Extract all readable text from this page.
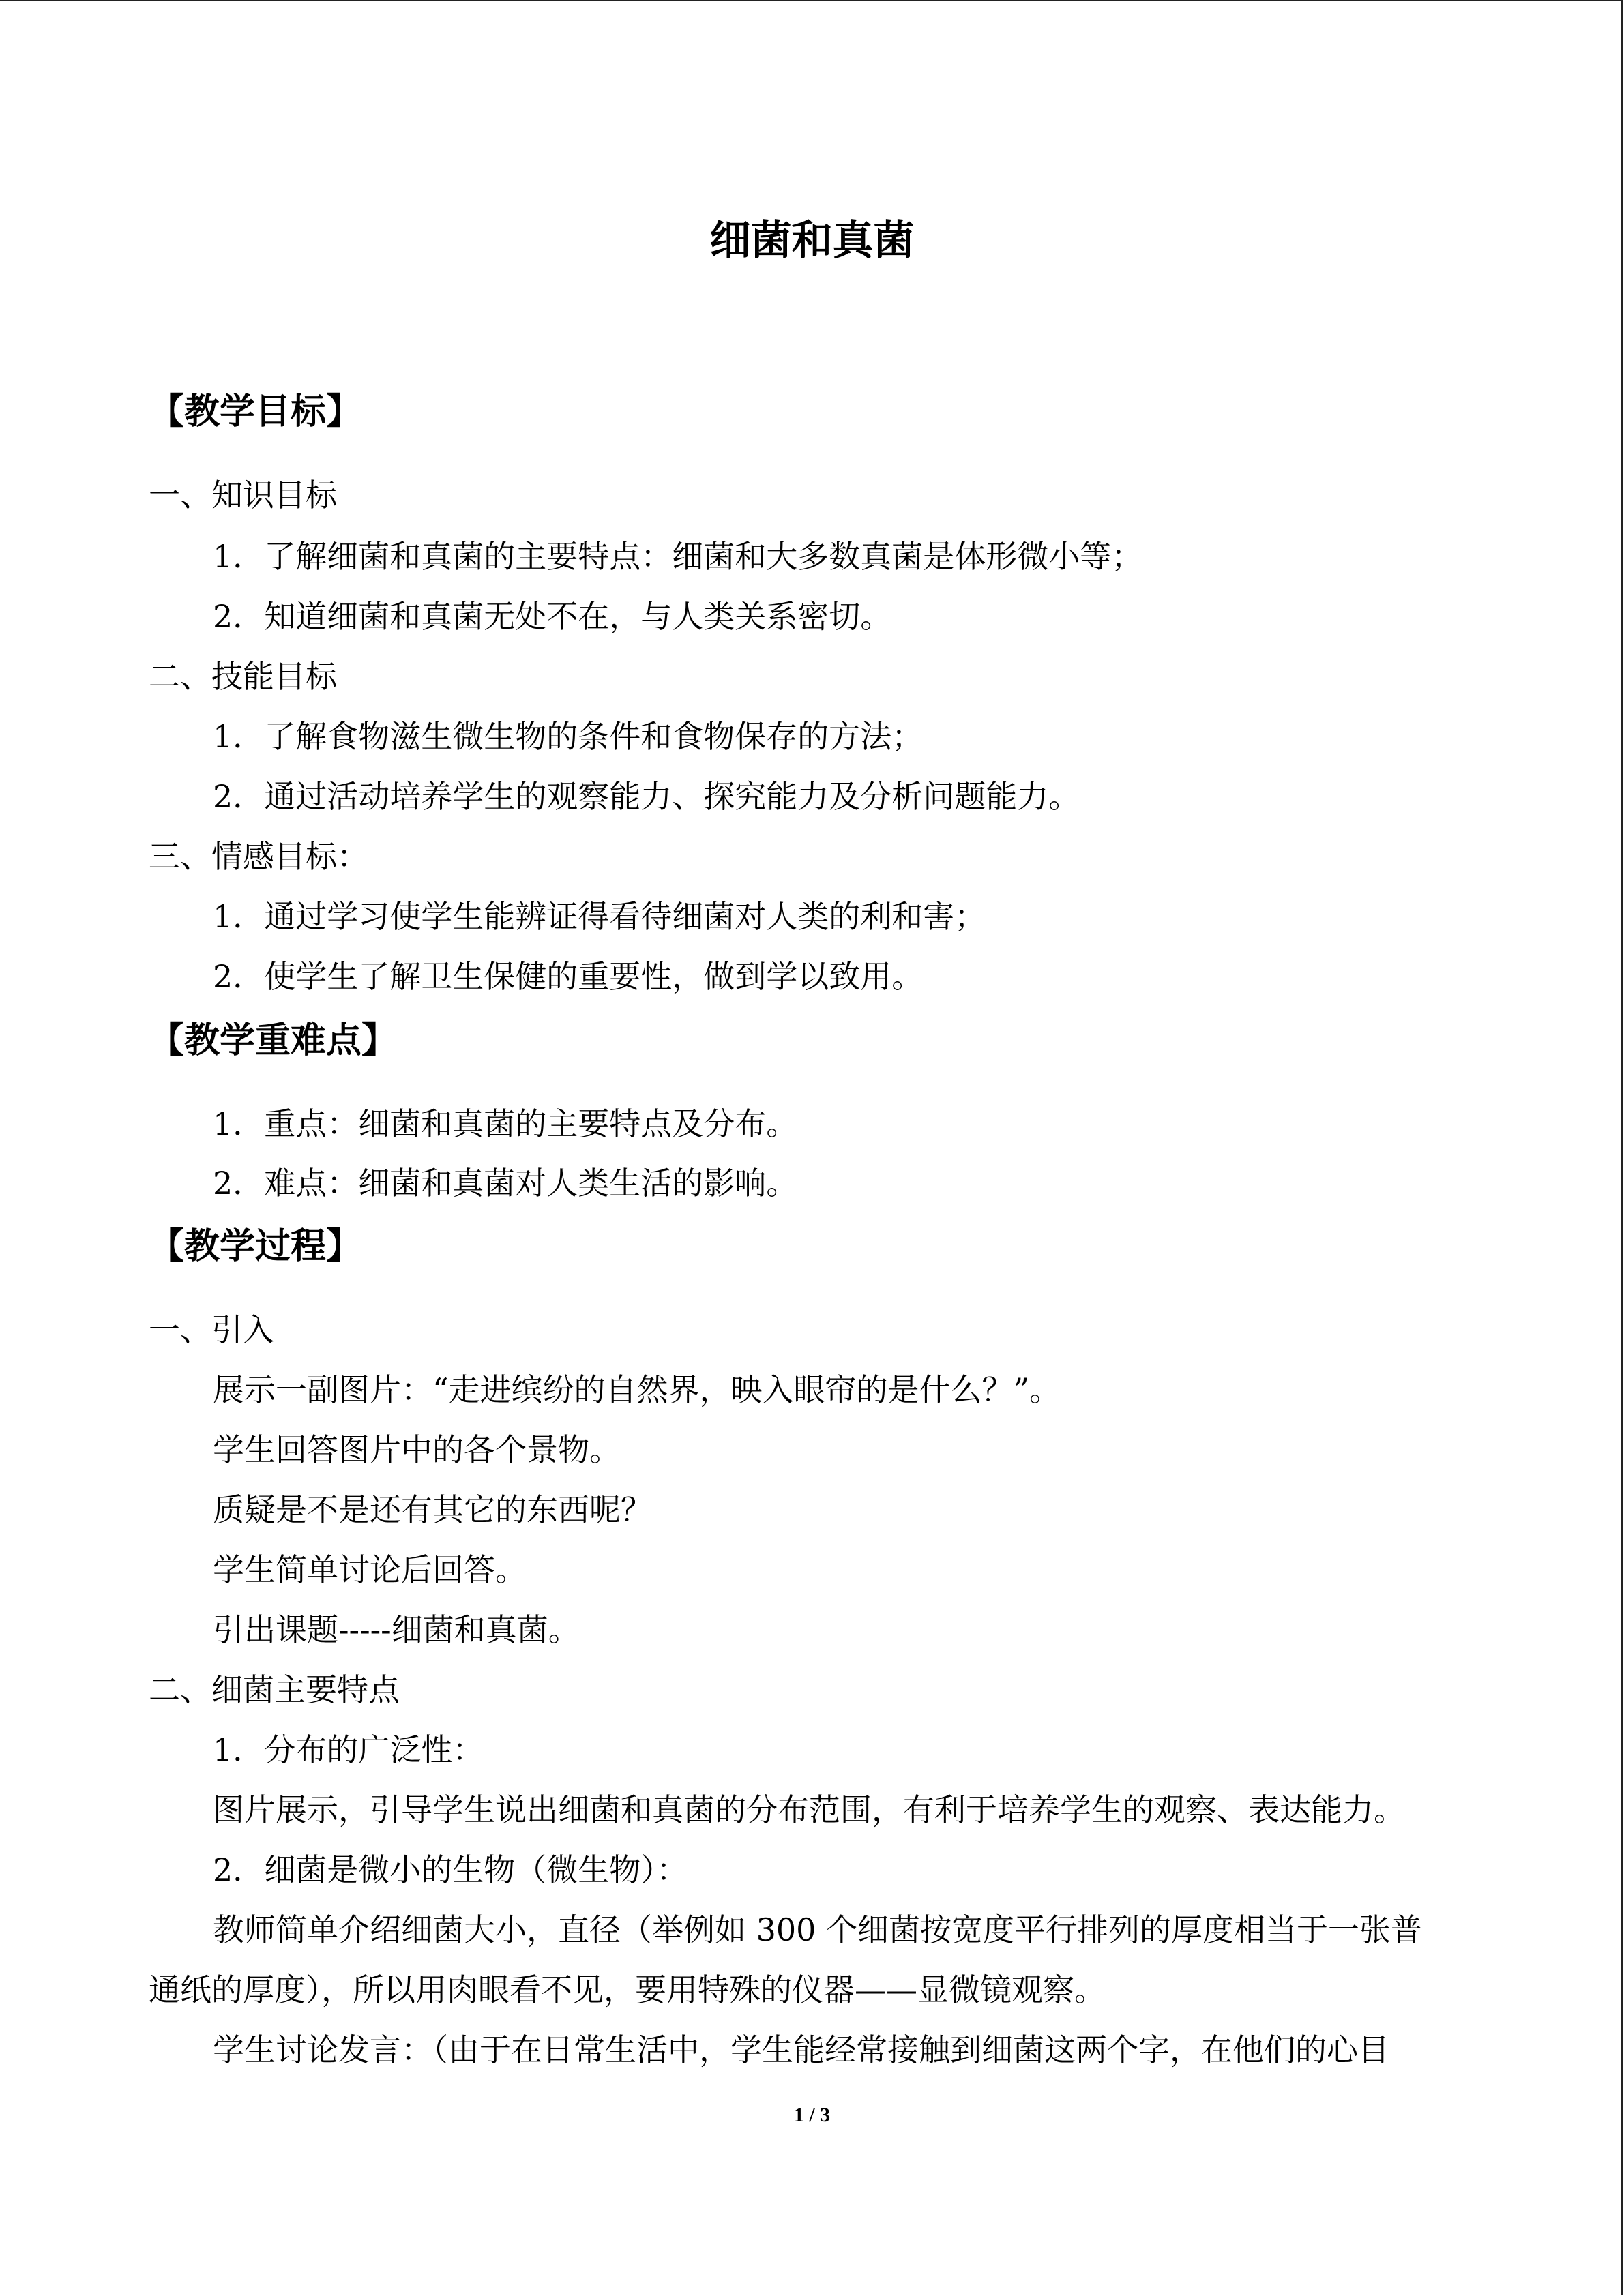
细菌和真菌
【教学目标】
一、知识目标
1．了解细菌和真菌的主要特点：细菌和大多数真菌是体形微小等；
2．知道细菌和真菌无处不在，与人类关系密切。
二、技能目标
1．了解食物滋生微生物的条件和食物保存的方法；
2．通过活动培养学生的观察能力、探究能力及分析问题能力。
三、情感目标：
1．通过学习使学生能辨证得看待细菌对人类的利和害；
2．使学生了解卫生保健的重要性，做到学以致用。
【教学重难点】
1．重点：细菌和真菌的主要特点及分布。
2．难点：细菌和真菌对人类生活的影响。
【教学过程】
一、引入
展示一副图片：“走进缤纷的自然界，映入眼帘的是什么？”。
学生回答图片中的各个景物。
质疑是不是还有其它的东西呢？
学生简单讨论后回答。
引出课题-----细菌和真菌。
二、细菌主要特点
1．分布的广泛性：
图片展示，引导学生说出细菌和真菌的分布范围，有利于培养学生的观察、表达能力。
2．细菌是微小的生物（微生物）：
教师简单介绍细菌大小，直径（举例如 300 个细菌按宽度平行排列的厚度相当于一张普
通纸的厚度），所以用肉眼看不见，要用特殊的仪器——显微镜观察。
学生讨论发言：（由于在日常生活中，学生能经常接触到细菌这两个字，在他们的心目
1 / 3
